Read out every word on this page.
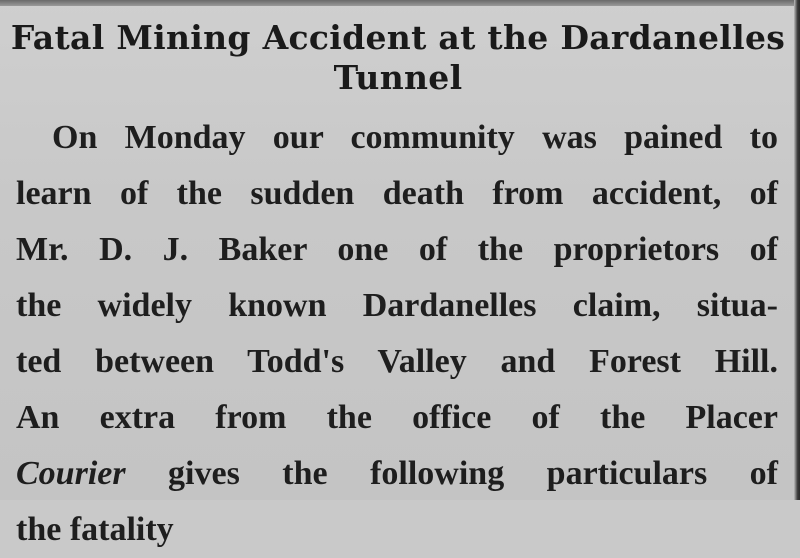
Fatal Mining Accident at the Dardanelles
Tunnel
On Monday our community was pained to
learn of the sudden death from accident, of
Mr. D. J. Baker one of the proprietors of
the widely known Dardanelles claim, situa-
ted between Todd's Valley and Forest Hill.
An extra from the office of the Placer
Courier gives the following particulars of
the fatality
